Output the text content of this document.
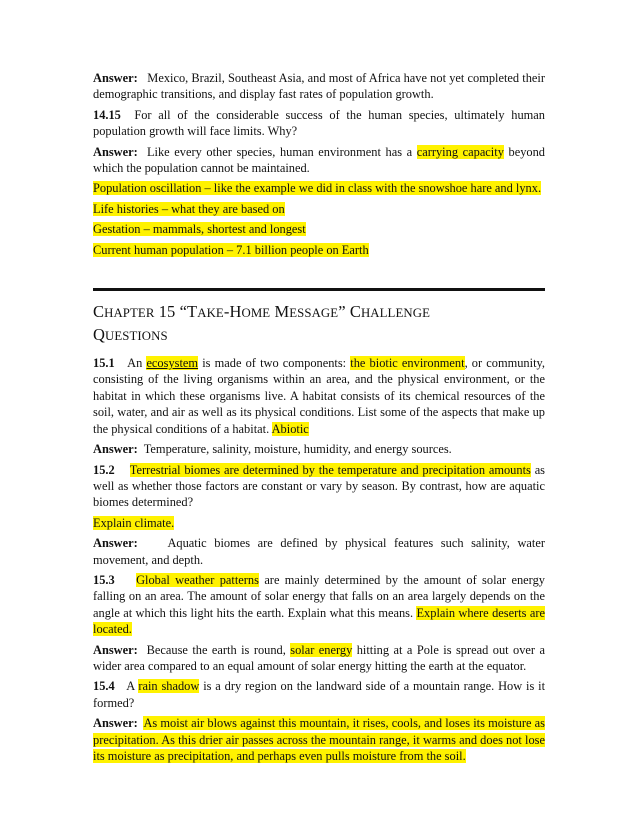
Answer: Mexico, Brazil, Southeast Asia, and most of Africa have not yet completed their demographic transitions, and display fast rates of population growth.

14.15 For all of the considerable success of the human species, ultimately human population growth will face limits. Why?

Answer: Like every other species, human environment has a carrying capacity beyond which the population cannot be maintained.

Population oscillation – like the example we did in class with the snowshoe hare and lynx.

Life histories – what they are based on

Gestation – mammals, shortest and longest

Current human population – 7.1 billion people on Earth

CHAPTER 15 “TAKE-HOME MESSAGE” CHALLENGE
QUESTIONS

15.1 An ecosystem is made of two components: the biotic environment, or community, consisting of the living organisms within an area, and the physical environment, or the habitat in which these organisms live. A habitat consists of its chemical resources of the soil, water, and air as well as its physical conditions. List some of the aspects that make up the physical conditions of a habitat. Abiotic

Answer: Temperature, salinity, moisture, humidity, and energy sources.

15.2 Terrestrial biomes are determined by the temperature and precipitation amounts as well as whether those factors are constant or vary by season. By contrast, how are aquatic biomes determined?

Explain climate.

Answer: Aquatic biomes are defined by physical features such salinity, water movement, and depth.

15.3 Global weather patterns are mainly determined by the amount of solar energy falling on an area. The amount of solar energy that falls on an area largely depends on the angle at which this light hits the earth. Explain what this means. Explain where deserts are located.

Answer: Because the earth is round, solar energy hitting at a Pole is spread out over a wider area compared to an equal amount of solar energy hitting the earth at the equator.

15.4 A rain shadow is a dry region on the landward side of a mountain range. How is it formed?

Answer: As moist air blows against this mountain, it rises, cools, and loses its moisture as precipitation. As this drier air passes across the mountain range, it warms and does not lose its moisture as precipitation, and perhaps even pulls moisture from the soil.
